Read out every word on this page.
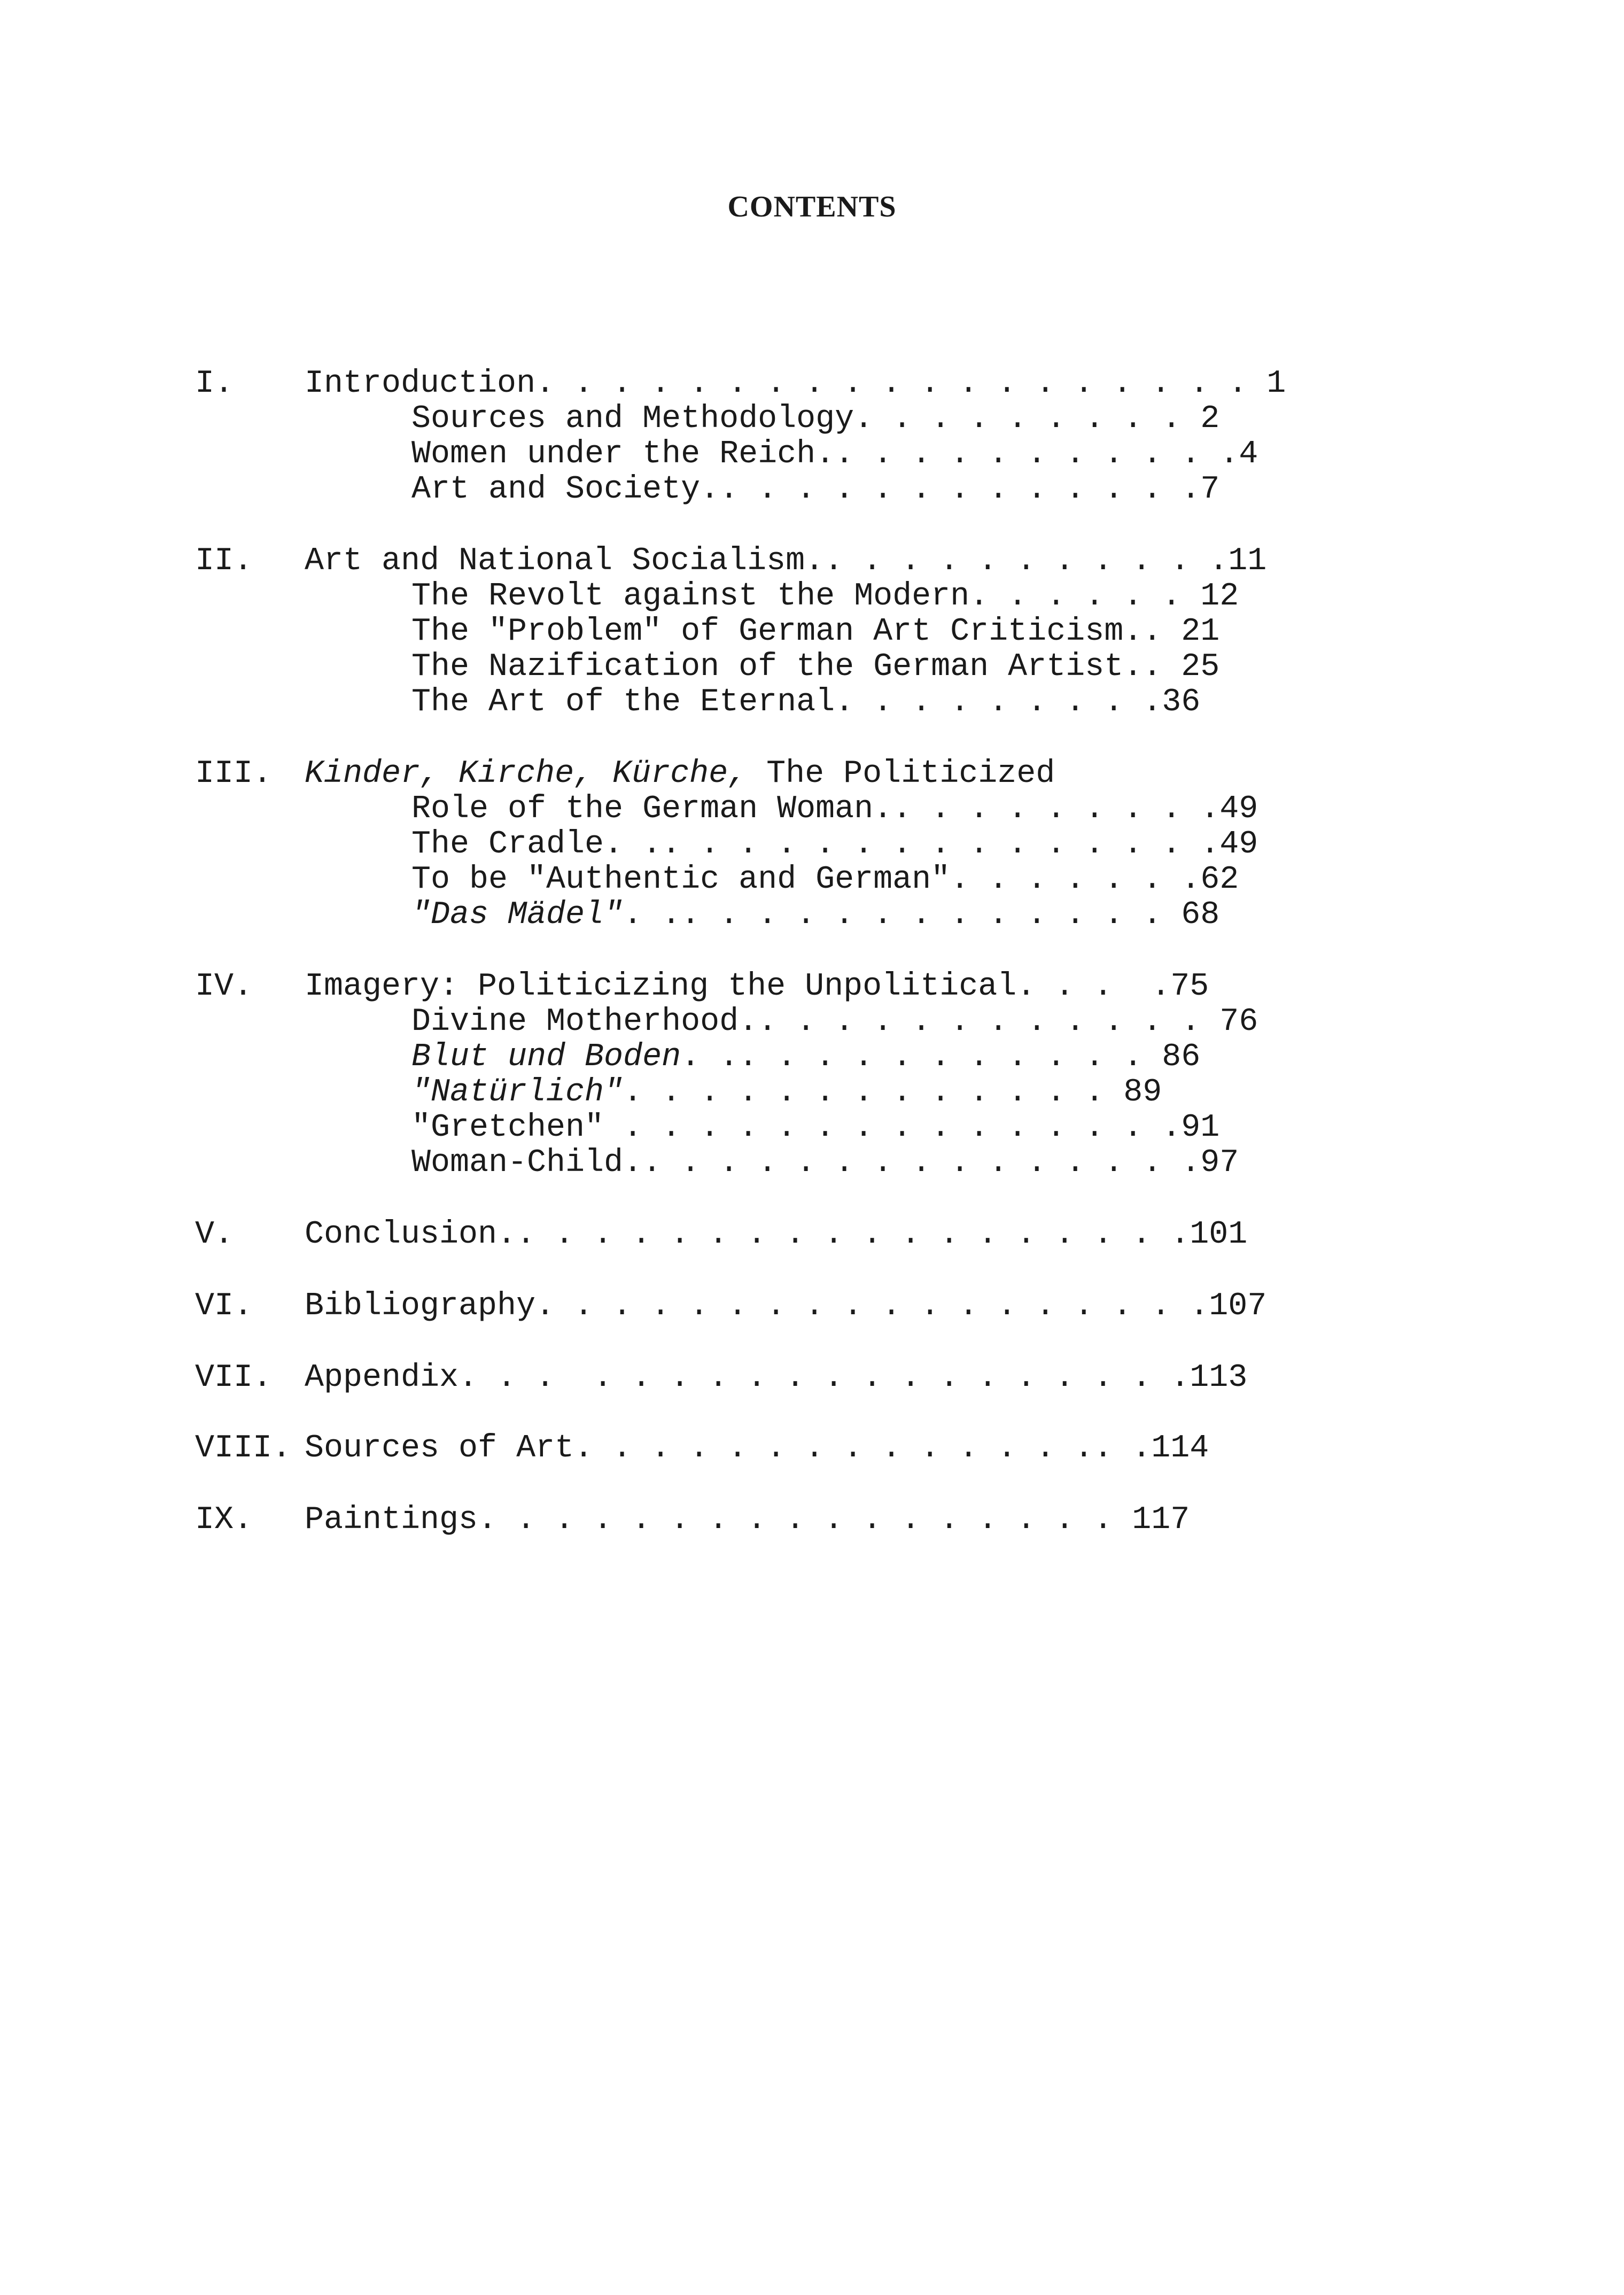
CONTENTS
I. Introduction. . . . . . . . . . . . . . . . . . . 1
Sources and Methodology. . . . . . . . . 2
Women under the Reich.. . . . . . . . . . .4
Art and Society.. . . . . . . . . . . . .7
II. Art and National Socialism.. . . . . . . . . . .11
The Revolt against the Modern. . . . . . 12
The "Problem" of German Art Criticism.. 21
The Nazification of the German Artist.. 25
The Art of the Eternal. . . . . . . . .36
III. Kinder, Kirche, Kürche, The Politicized
Role of the German Woman.. . . . . . . . .49
The Cradle. .. . . . . . . . . . . . . . .49
To be "Authentic and German". . . . . . .62
"Das Mädel". .. . . . . . . . . . . . . 68
IV. Imagery: Politicizing the Unpolitical. . .  .75
Divine Motherhood.. . . . . . . . . . . . 76
Blut und Boden. .. . . . . . . . . . . 86
"Natürlich". . . . . . . . . . . . . 89
"Gretchen" . . . . . . . . . . . . . . .91
Woman-Child.. . . . . . . . . . . . . . .97
V. Conclusion.. . . . . . . . . . . . . . . . . .101
VI. Bibliography. . . . . . . . . . . . . . . . . .107
VII. Appendix. . .  . . . . . . . . . . . . . . . .113
VIII. Sources of Art. . . . . . . . . . . . . .. .114
IX. Paintings. . . . . . . . . . . . . . . . . 117
